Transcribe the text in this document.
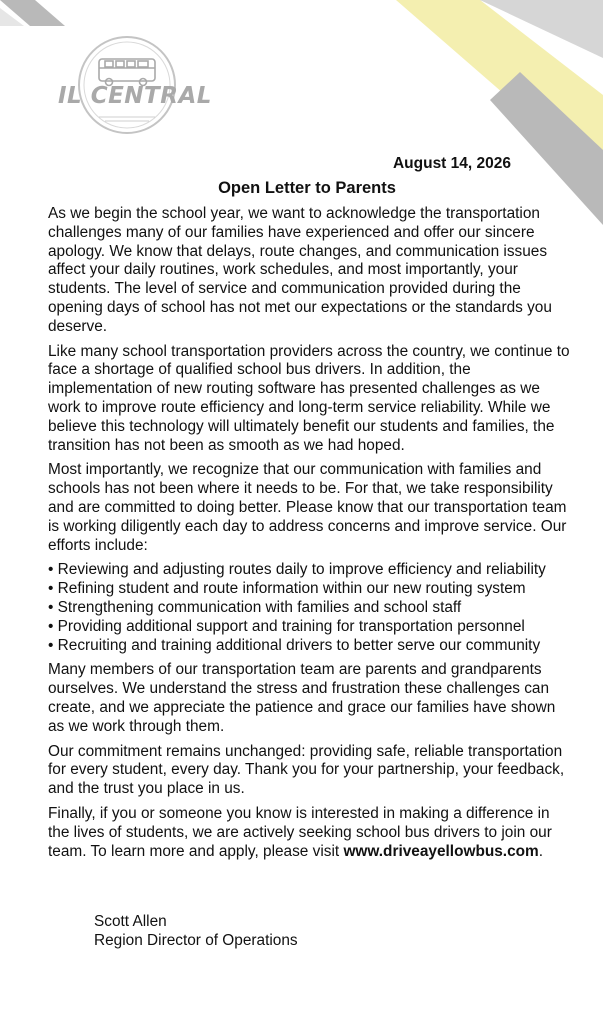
IL CENTRAL
August 14, 2026
Open Letter to Parents

As we begin the school year, we want to acknowledge the transportation challenges many of our families have experienced and offer our sincere apology. We know that delays, route changes, and communication issues affect your daily routines, work schedules, and most importantly, your students. The level of service and communication provided during the opening days of school has not met our expectations or the standards you deserve.

Like many school transportation providers across the country, we continue to face a shortage of qualified school bus drivers. In addition, the implementation of new routing software has presented challenges as we work to improve route efficiency and long-term service reliability. While we believe this technology will ultimately benefit our students and families, the transition has not been as smooth as we had hoped.

Most importantly, we recognize that our communication with families and schools has not been where it needs to be. For that, we take responsibility and are committed to doing better. Please know that our transportation team is working diligently each day to address concerns and improve service. Our efforts include:

• Reviewing and adjusting routes daily to improve efficiency and reliability
• Refining student and route information within our new routing system
• Strengthening communication with families and school staff
• Providing additional support and training for transportation personnel
• Recruiting and training additional drivers to better serve our community

Many members of our transportation team are parents and grandparents ourselves. We understand the stress and frustration these challenges can create, and we appreciate the patience and grace our families have shown as we work through them.

Our commitment remains unchanged: providing safe, reliable transportation for every student, every day. Thank you for your partnership, your feedback, and the trust you place in us.

Finally, if you or someone you know is interested in making a difference in the lives of students, we are actively seeking school bus drivers to join our team. To learn more and apply, please visit www.driveayellowbus.com.

Scott Allen
Region Director of Operations
